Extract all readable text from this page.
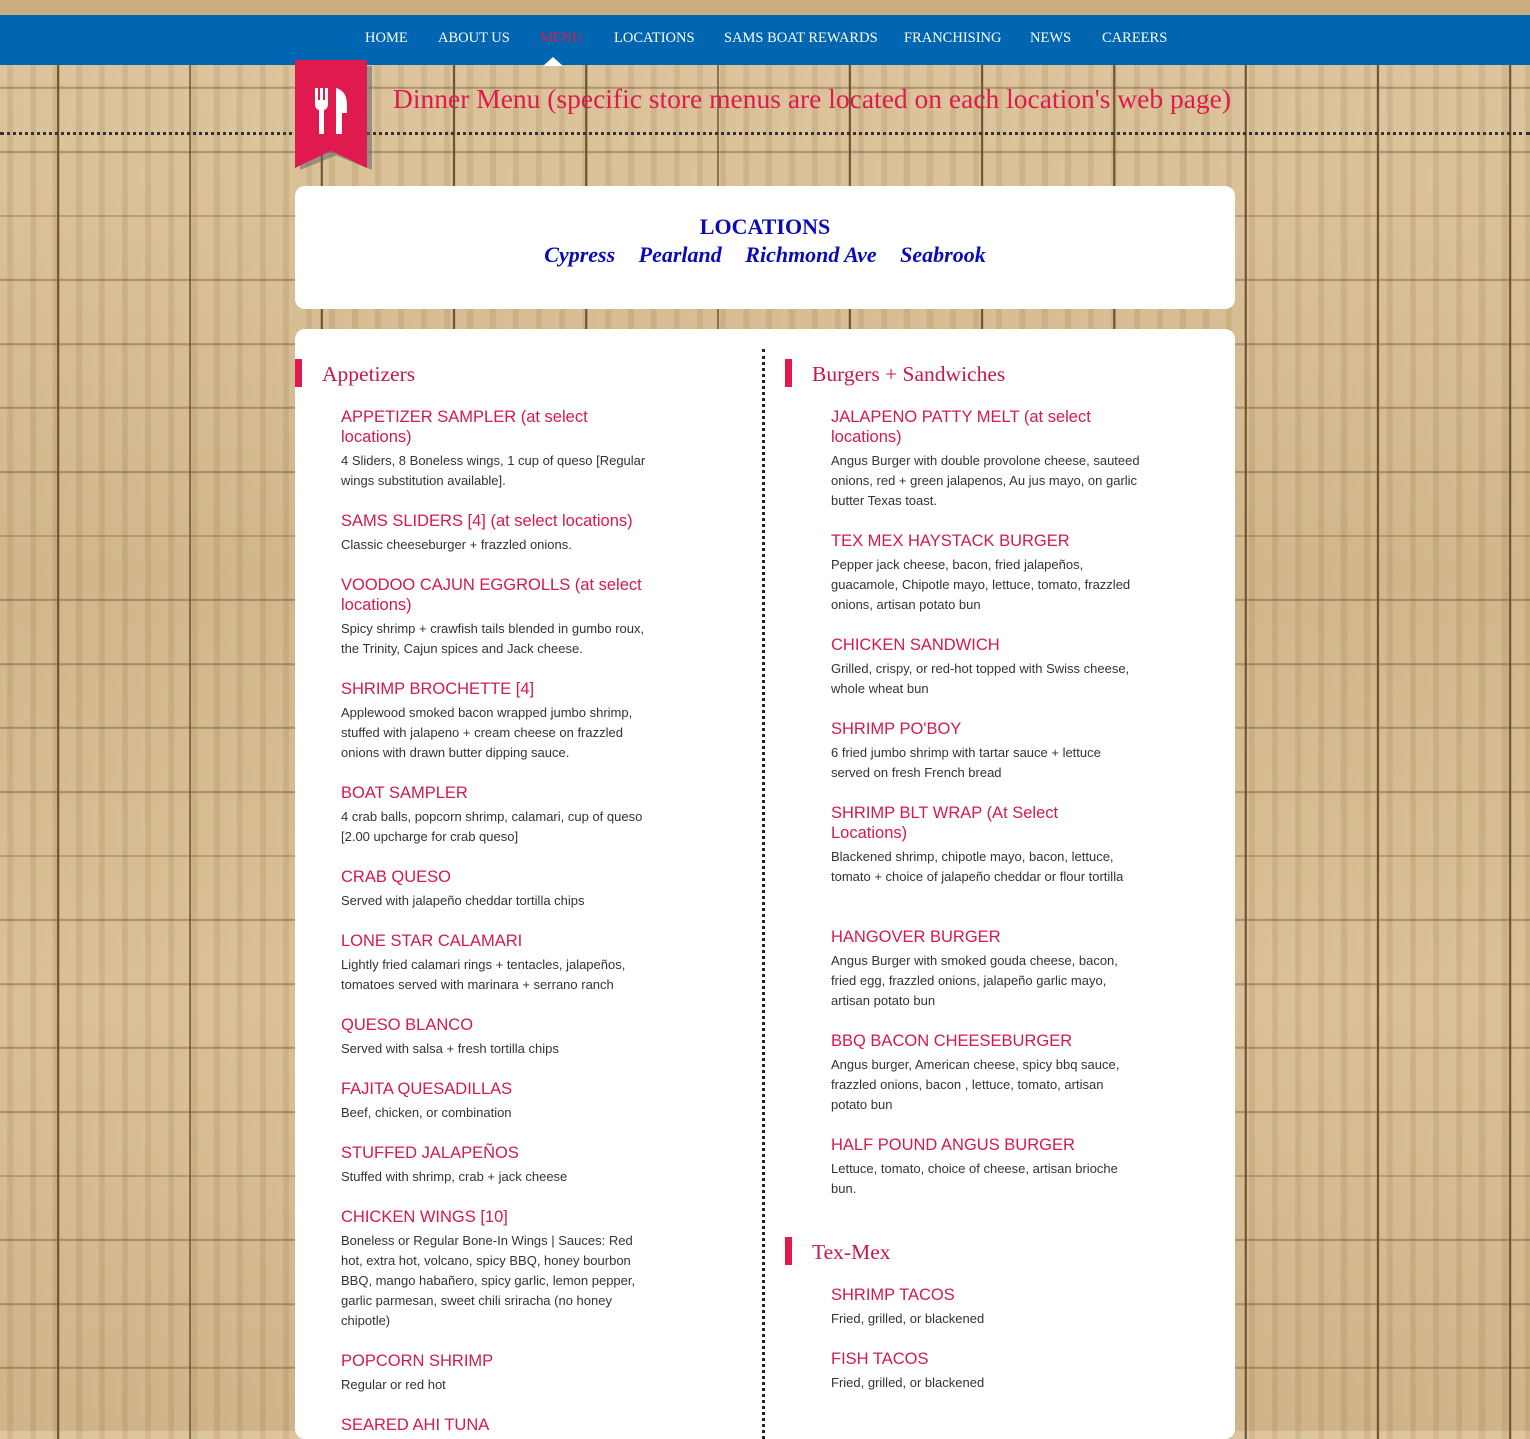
HOME ABOUT US MENU LOCATIONS SAMS BOAT REWARDS FRANCHISING NEWS CAREERS
Dinner Menu (specific store menus are located on each location's web page)
LOCATIONS
Cypress Pearland Richmond Ave Seabrook
Appetizers
APPETIZER SAMPLER (at select locations)
4 Sliders, 8 Boneless wings, 1 cup of queso [Regular wings substitution available].
SAMS SLIDERS [4] (at select locations)
Classic cheeseburger + frazzled onions.
VOODOO CAJUN EGGROLLS (at select locations)
Spicy shrimp + crawfish tails blended in gumbo roux, the Trinity, Cajun spices and Jack cheese.
SHRIMP BROCHETTE [4]
Applewood smoked bacon wrapped jumbo shrimp, stuffed with jalapeno + cream cheese on frazzled onions with drawn butter dipping sauce.
BOAT SAMPLER
4 crab balls, popcorn shrimp, calamari, cup of queso [2.00 upcharge for crab queso]
CRAB QUESO
Served with jalapeño cheddar tortilla chips
LONE STAR CALAMARI
Lightly fried calamari rings + tentacles, jalapeños, tomatoes served with marinara + serrano ranch
QUESO BLANCO
Served with salsa + fresh tortilla chips
FAJITA QUESADILLAS
Beef, chicken, or combination
STUFFED JALAPEÑOS
Stuffed with shrimp, crab + jack cheese
CHICKEN WINGS [10]
Boneless or Regular Bone-In Wings | Sauces: Red hot, extra hot, volcano, spicy BBQ, honey bourbon BBQ, mango habañero, spicy garlic, lemon pepper, garlic parmesan, sweet chili sriracha (no honey chipotle)
POPCORN SHRIMP
Regular or red hot
SEARED AHI TUNA
Burgers + Sandwiches
JALAPENO PATTY MELT (at select locations)
Angus Burger with double provolone cheese, sauteed onions, red + green jalapenos, Au jus mayo, on garlic butter Texas toast.
TEX MEX HAYSTACK BURGER
Pepper jack cheese, bacon, fried jalapeños, guacamole, Chipotle mayo, lettuce, tomato, frazzled onions, artisan potato bun
CHICKEN SANDWICH
Grilled, crispy, or red-hot topped with Swiss cheese, whole wheat bun
SHRIMP PO'BOY
6 fried jumbo shrimp with tartar sauce + lettuce served on fresh French bread
SHRIMP BLT WRAP (At Select Locations)
Blackened shrimp, chipotle mayo, bacon, lettuce, tomato + choice of jalapeño cheddar or flour tortilla
HANGOVER BURGER
Angus Burger with smoked gouda cheese, bacon, fried egg, frazzled onions, jalapeño garlic mayo, artisan potato bun
BBQ BACON CHEESEBURGER
Angus burger, American cheese, spicy bbq sauce, frazzled onions, bacon , lettuce, tomato, artisan potato bun
HALF POUND ANGUS BURGER
Lettuce, tomato, choice of cheese, artisan brioche bun.
Tex-Mex
SHRIMP TACOS
Fried, grilled, or blackened
FISH TACOS
Fried, grilled, or blackened
